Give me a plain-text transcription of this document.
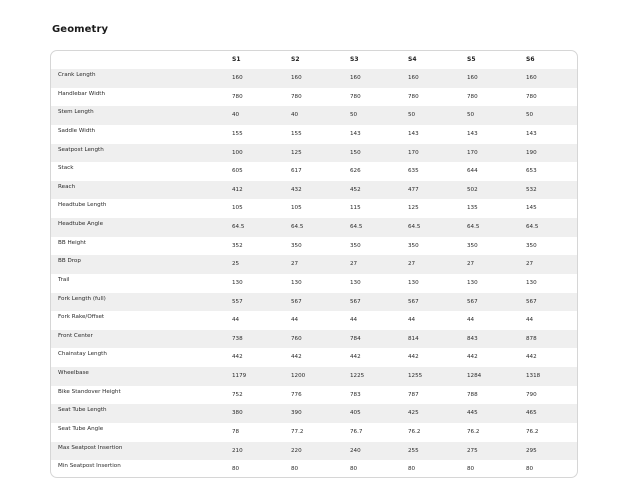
Geometry
S1	S2	S3	S4	S5	S6
Crank Length	160	160	160	160	160	160
Handlebar Width	780	780	780	780	780	780
Stem Length	40	40	50	50	50	50
Saddle Width	155	155	143	143	143	143
Seatpost Length	100	125	150	170	170	190
Stack	605	617	626	635	644	653
Reach	412	432	452	477	502	532
Headtube Length	105	105	115	125	135	145
Headtube Angle	64.5	64.5	64.5	64.5	64.5	64.5
BB Height	352	350	350	350	350	350
BB Drop	25	27	27	27	27	27
Trail	130	130	130	130	130	130
Fork Length (full)	557	567	567	567	567	567
Fork Rake/Offset	44	44	44	44	44	44
Front Center	738	760	784	814	843	878
Chainstay Length	442	442	442	442	442	442
Wheelbase	1179	1200	1225	1255	1284	1318
Bike Standover Height	752	776	783	787	788	790
Seat Tube Length	380	390	405	425	445	465
Seat Tube Angle	78	77.2	76.7	76.2	76.2	76.2
Max Seatpost Insertion	210	220	240	255	275	295
Min Seatpost Insertion	80	80	80	80	80	80
